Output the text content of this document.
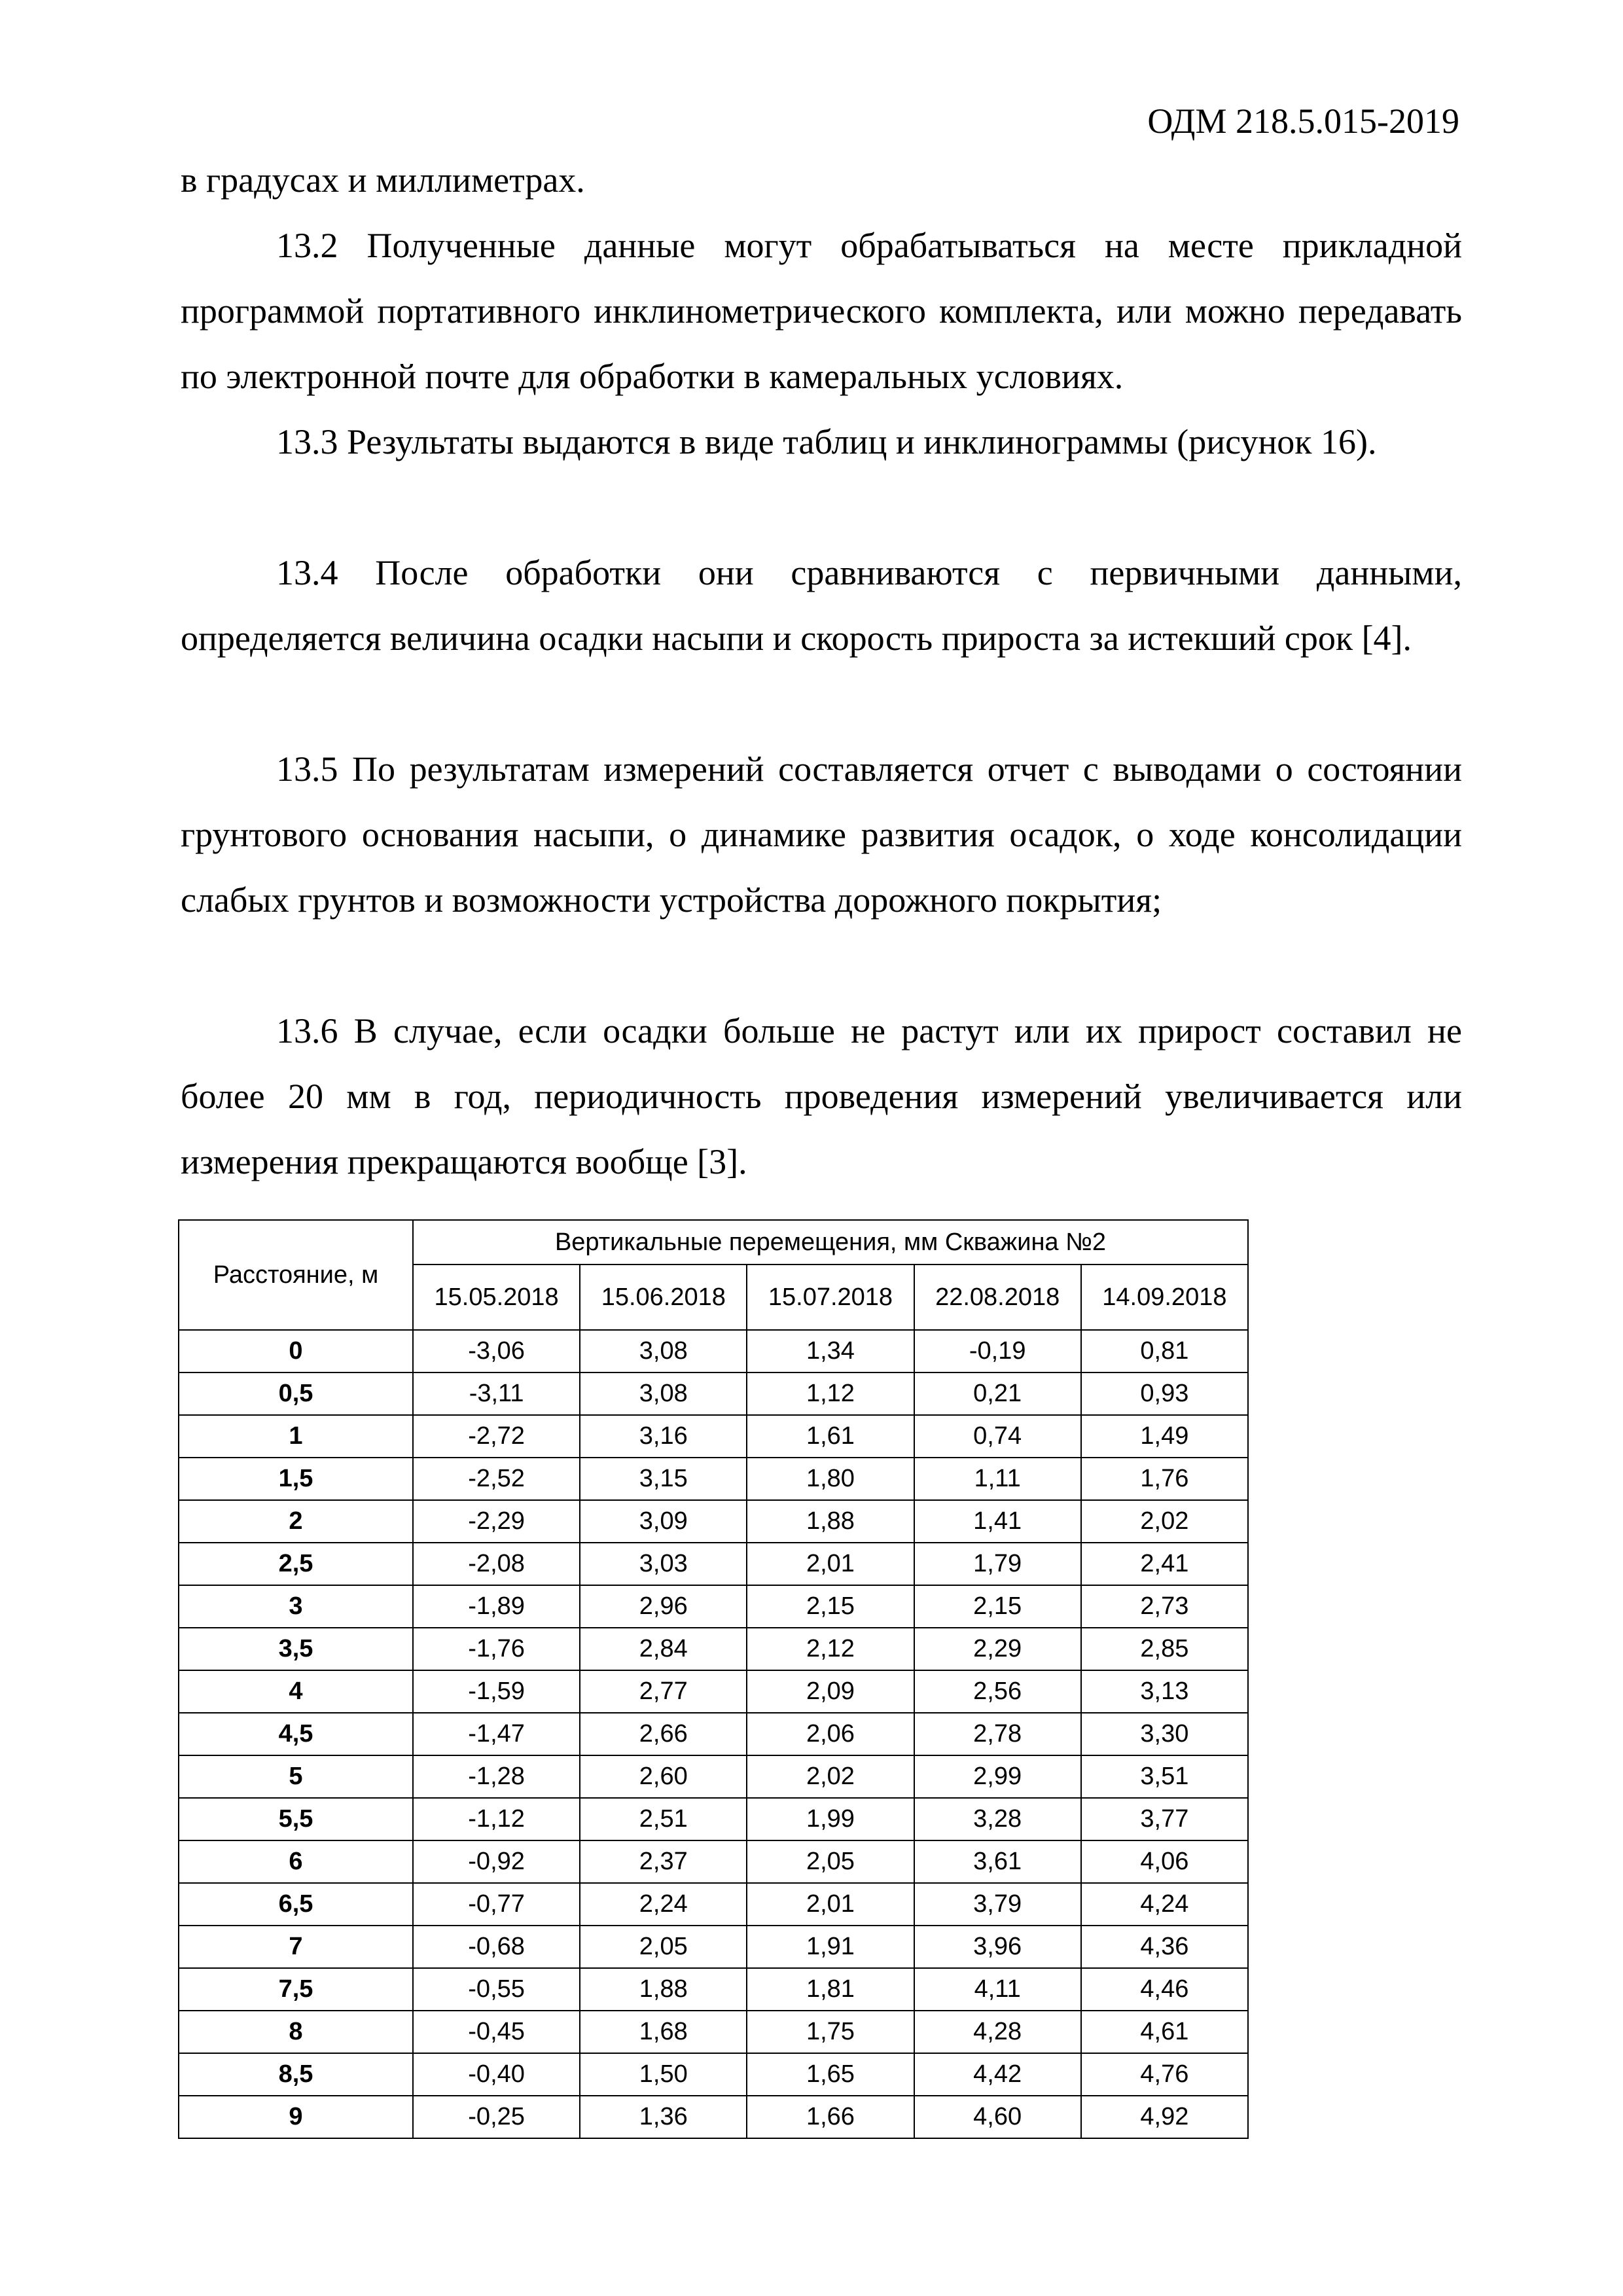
ОДМ 218.5.015-2019

в градусах и миллиметрах.

13.2 Полученные данные могут обрабатываться на месте прикладной программой портативного инклинометрического комплекта, или можно передавать по электронной почте для обработки в камеральных условиях.

13.3 Результаты выдаются в виде таблиц и инклинограммы (рисунок 16).

13.4 После обработки они сравниваются с первичными данными, определяется величина осадки насыпи и скорость прироста за истекший срок [4].

13.5 По результатам измерений составляется отчет с выводами о состоянии грунтового основания насыпи, о динамике развития осадок, о ходе консолидации слабых грунтов и возможности устройства дорожного покрытия;

13.6 В случае, если осадки больше не растут или их прирост составил не более 20 мм в год, периодичность проведения измерений увеличивается или измерения прекращаются вообще [3].

Расстояние, м	Вертикальные перемещения, мм Скважина №2				
	15.05.2018	15.06.2018	15.07.2018	22.08.2018	14.09.2018
0	-3,06	3,08	1,34	-0,19	0,81
0,5	-3,11	3,08	1,12	0,21	0,93
1	-2,72	3,16	1,61	0,74	1,49
1,5	-2,52	3,15	1,80	1,11	1,76
2	-2,29	3,09	1,88	1,41	2,02
2,5	-2,08	3,03	2,01	1,79	2,41
3	-1,89	2,96	2,15	2,15	2,73
3,5	-1,76	2,84	2,12	2,29	2,85
4	-1,59	2,77	2,09	2,56	3,13
4,5	-1,47	2,66	2,06	2,78	3,30
5	-1,28	2,60	2,02	2,99	3,51
5,5	-1,12	2,51	1,99	3,28	3,77
6	-0,92	2,37	2,05	3,61	4,06
6,5	-0,77	2,24	2,01	3,79	4,24
7	-0,68	2,05	1,91	3,96	4,36
7,5	-0,55	1,88	1,81	4,11	4,46
8	-0,45	1,68	1,75	4,28	4,61
8,5	-0,40	1,50	1,65	4,42	4,76
9	-0,25	1,36	1,66	4,60	4,92
